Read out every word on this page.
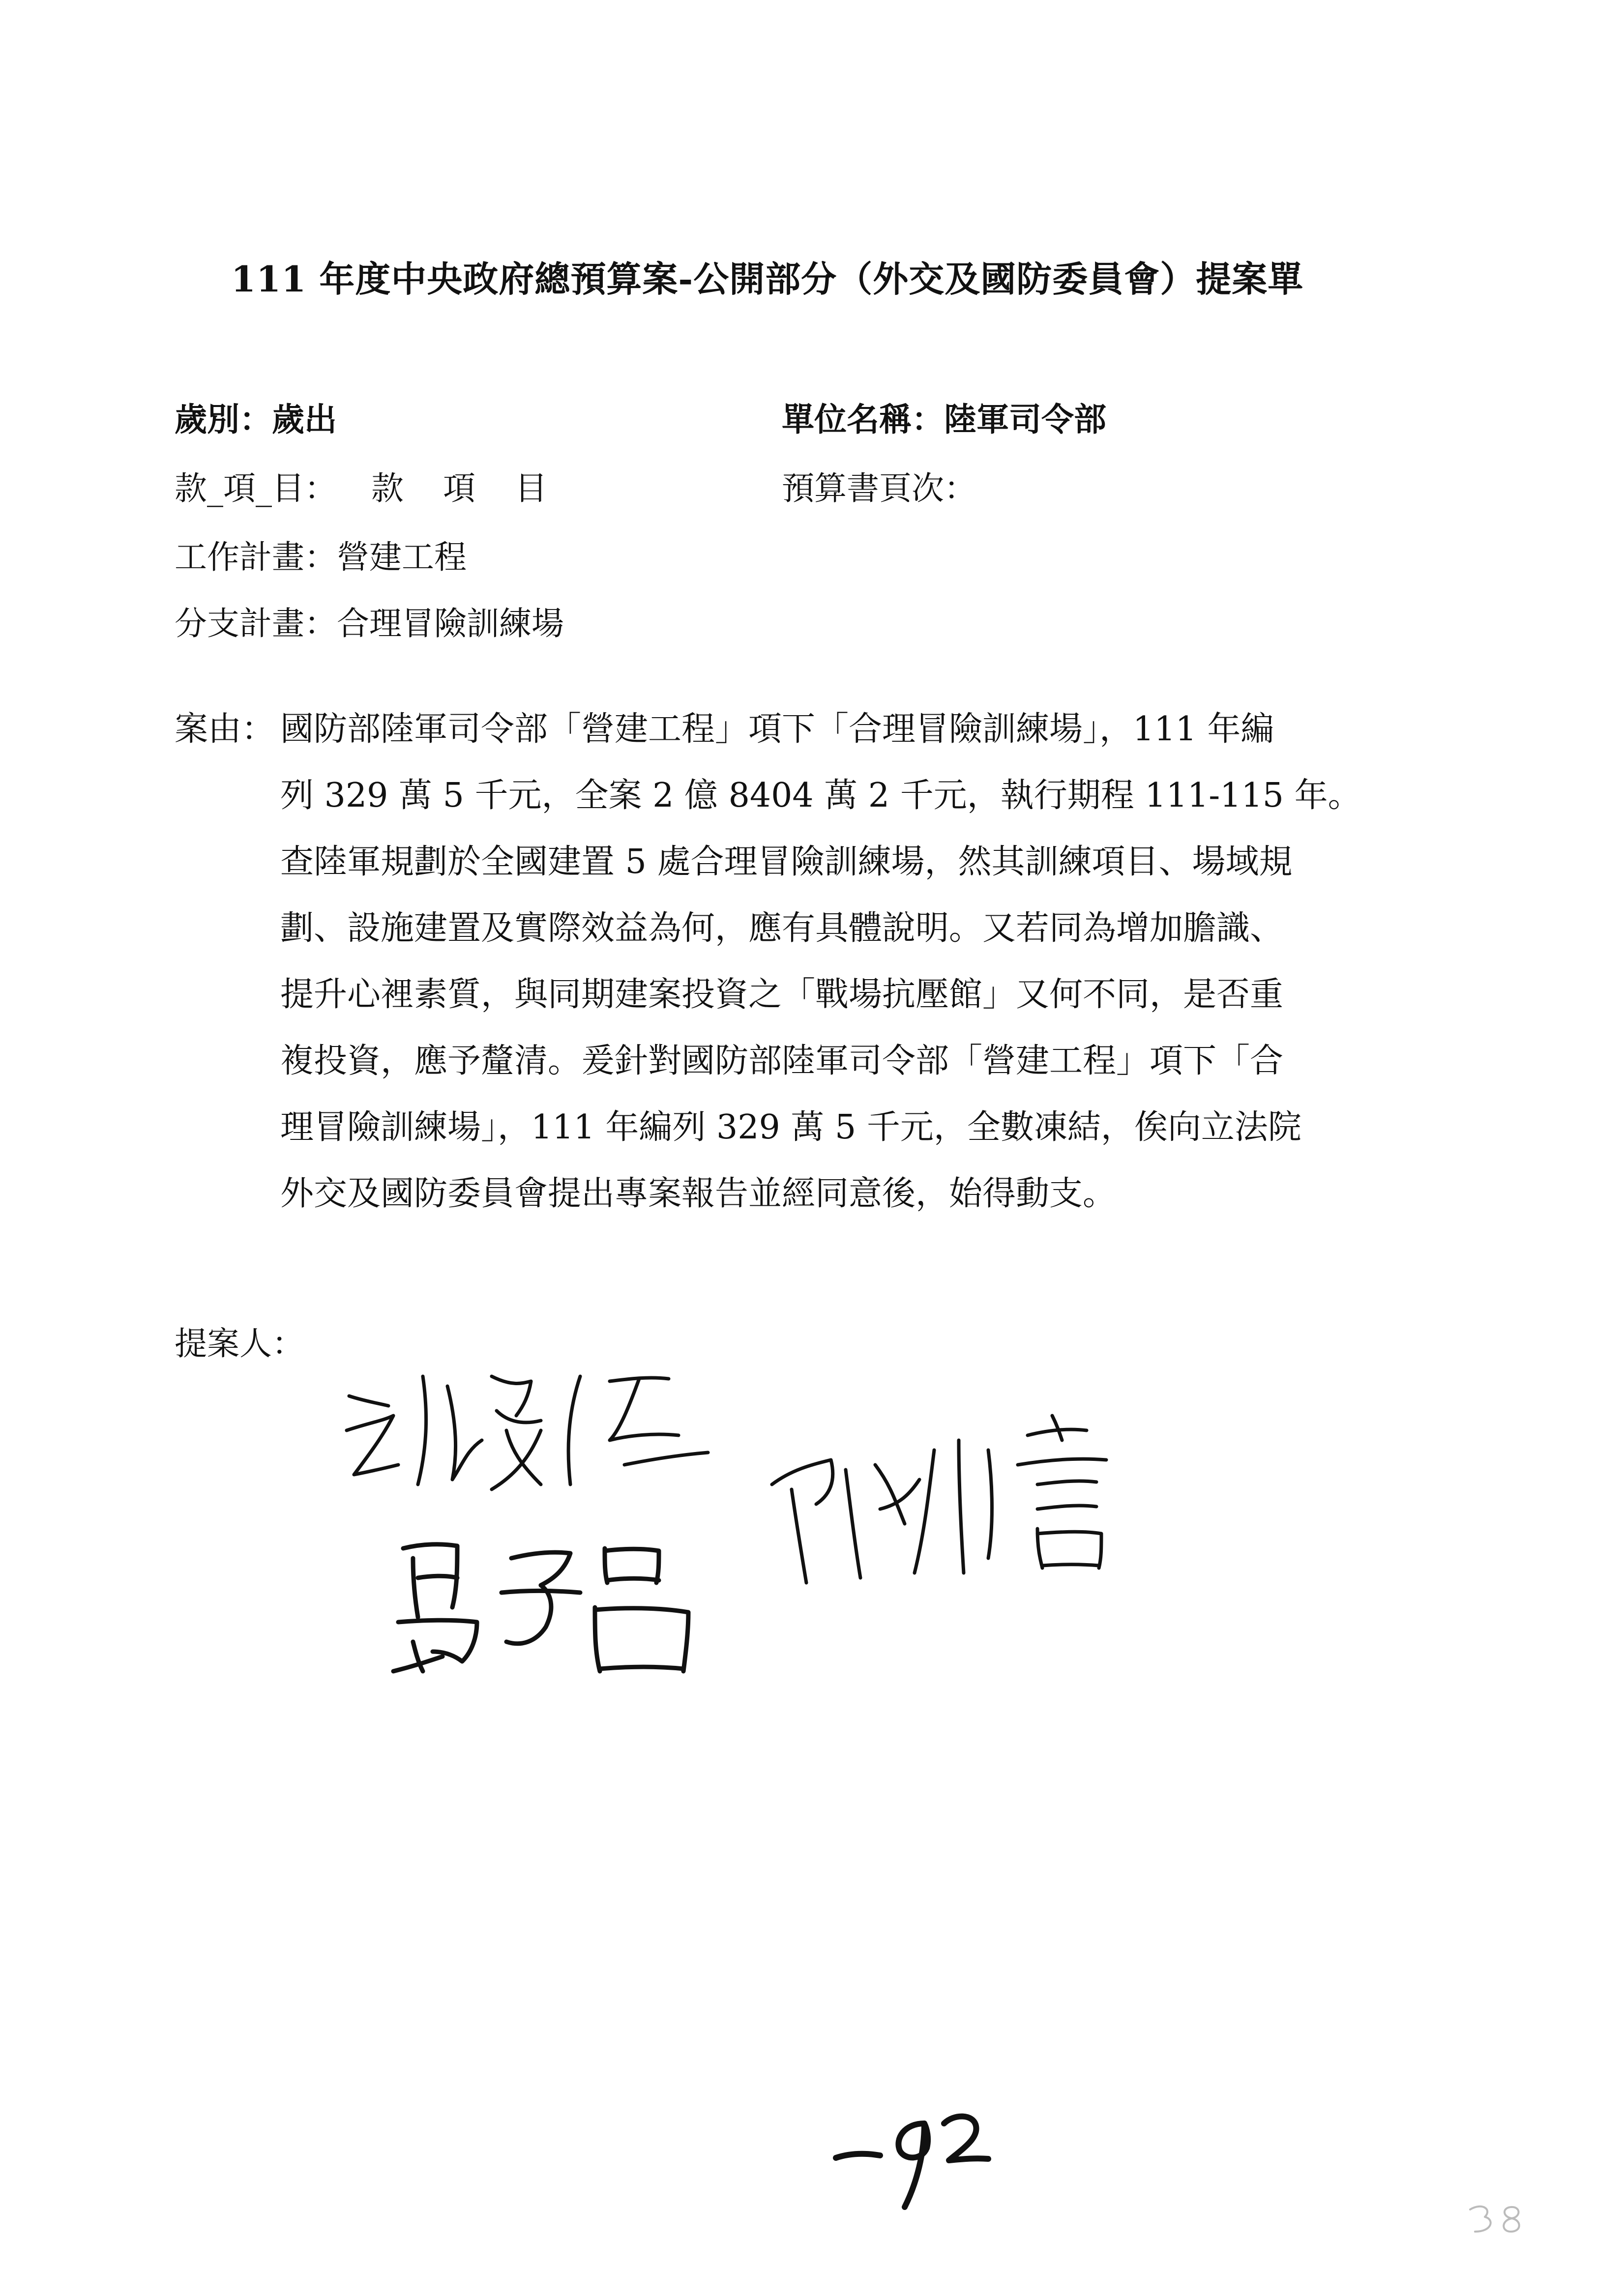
111 年度中央政府總預算案-公開部分（外交及國防委員會）提案單
歲別：歲出	單位名稱：陸軍司令部
款_項_目： 款項目	預算書頁次：
工作計畫：營建工程
分支計畫：合理冒險訓練場
案由： 國防部陸軍司令部「營建工程」項下「合理冒險訓練場」，111 年編
列 329 萬 5 千元，全案 2 億 8404 萬 2 千元，執行期程 111-115 年。
查陸軍規劃於全國建置 5 處合理冒險訓練場，然其訓練項目、場域規
劃、設施建置及實際效益為何，應有具體說明。又若同為增加膽識、
提升心裡素質，與同期建案投資之「戰場抗壓館」又何不同，是否重
複投資，應予釐清。爰針對國防部陸軍司令部「營建工程」項下「合
理冒險訓練場」，111 年編列 329 萬 5 千元，全數凍結，俟向立法院
外交及國防委員會提出專案報告並經同意後，始得動支。
提案人：
